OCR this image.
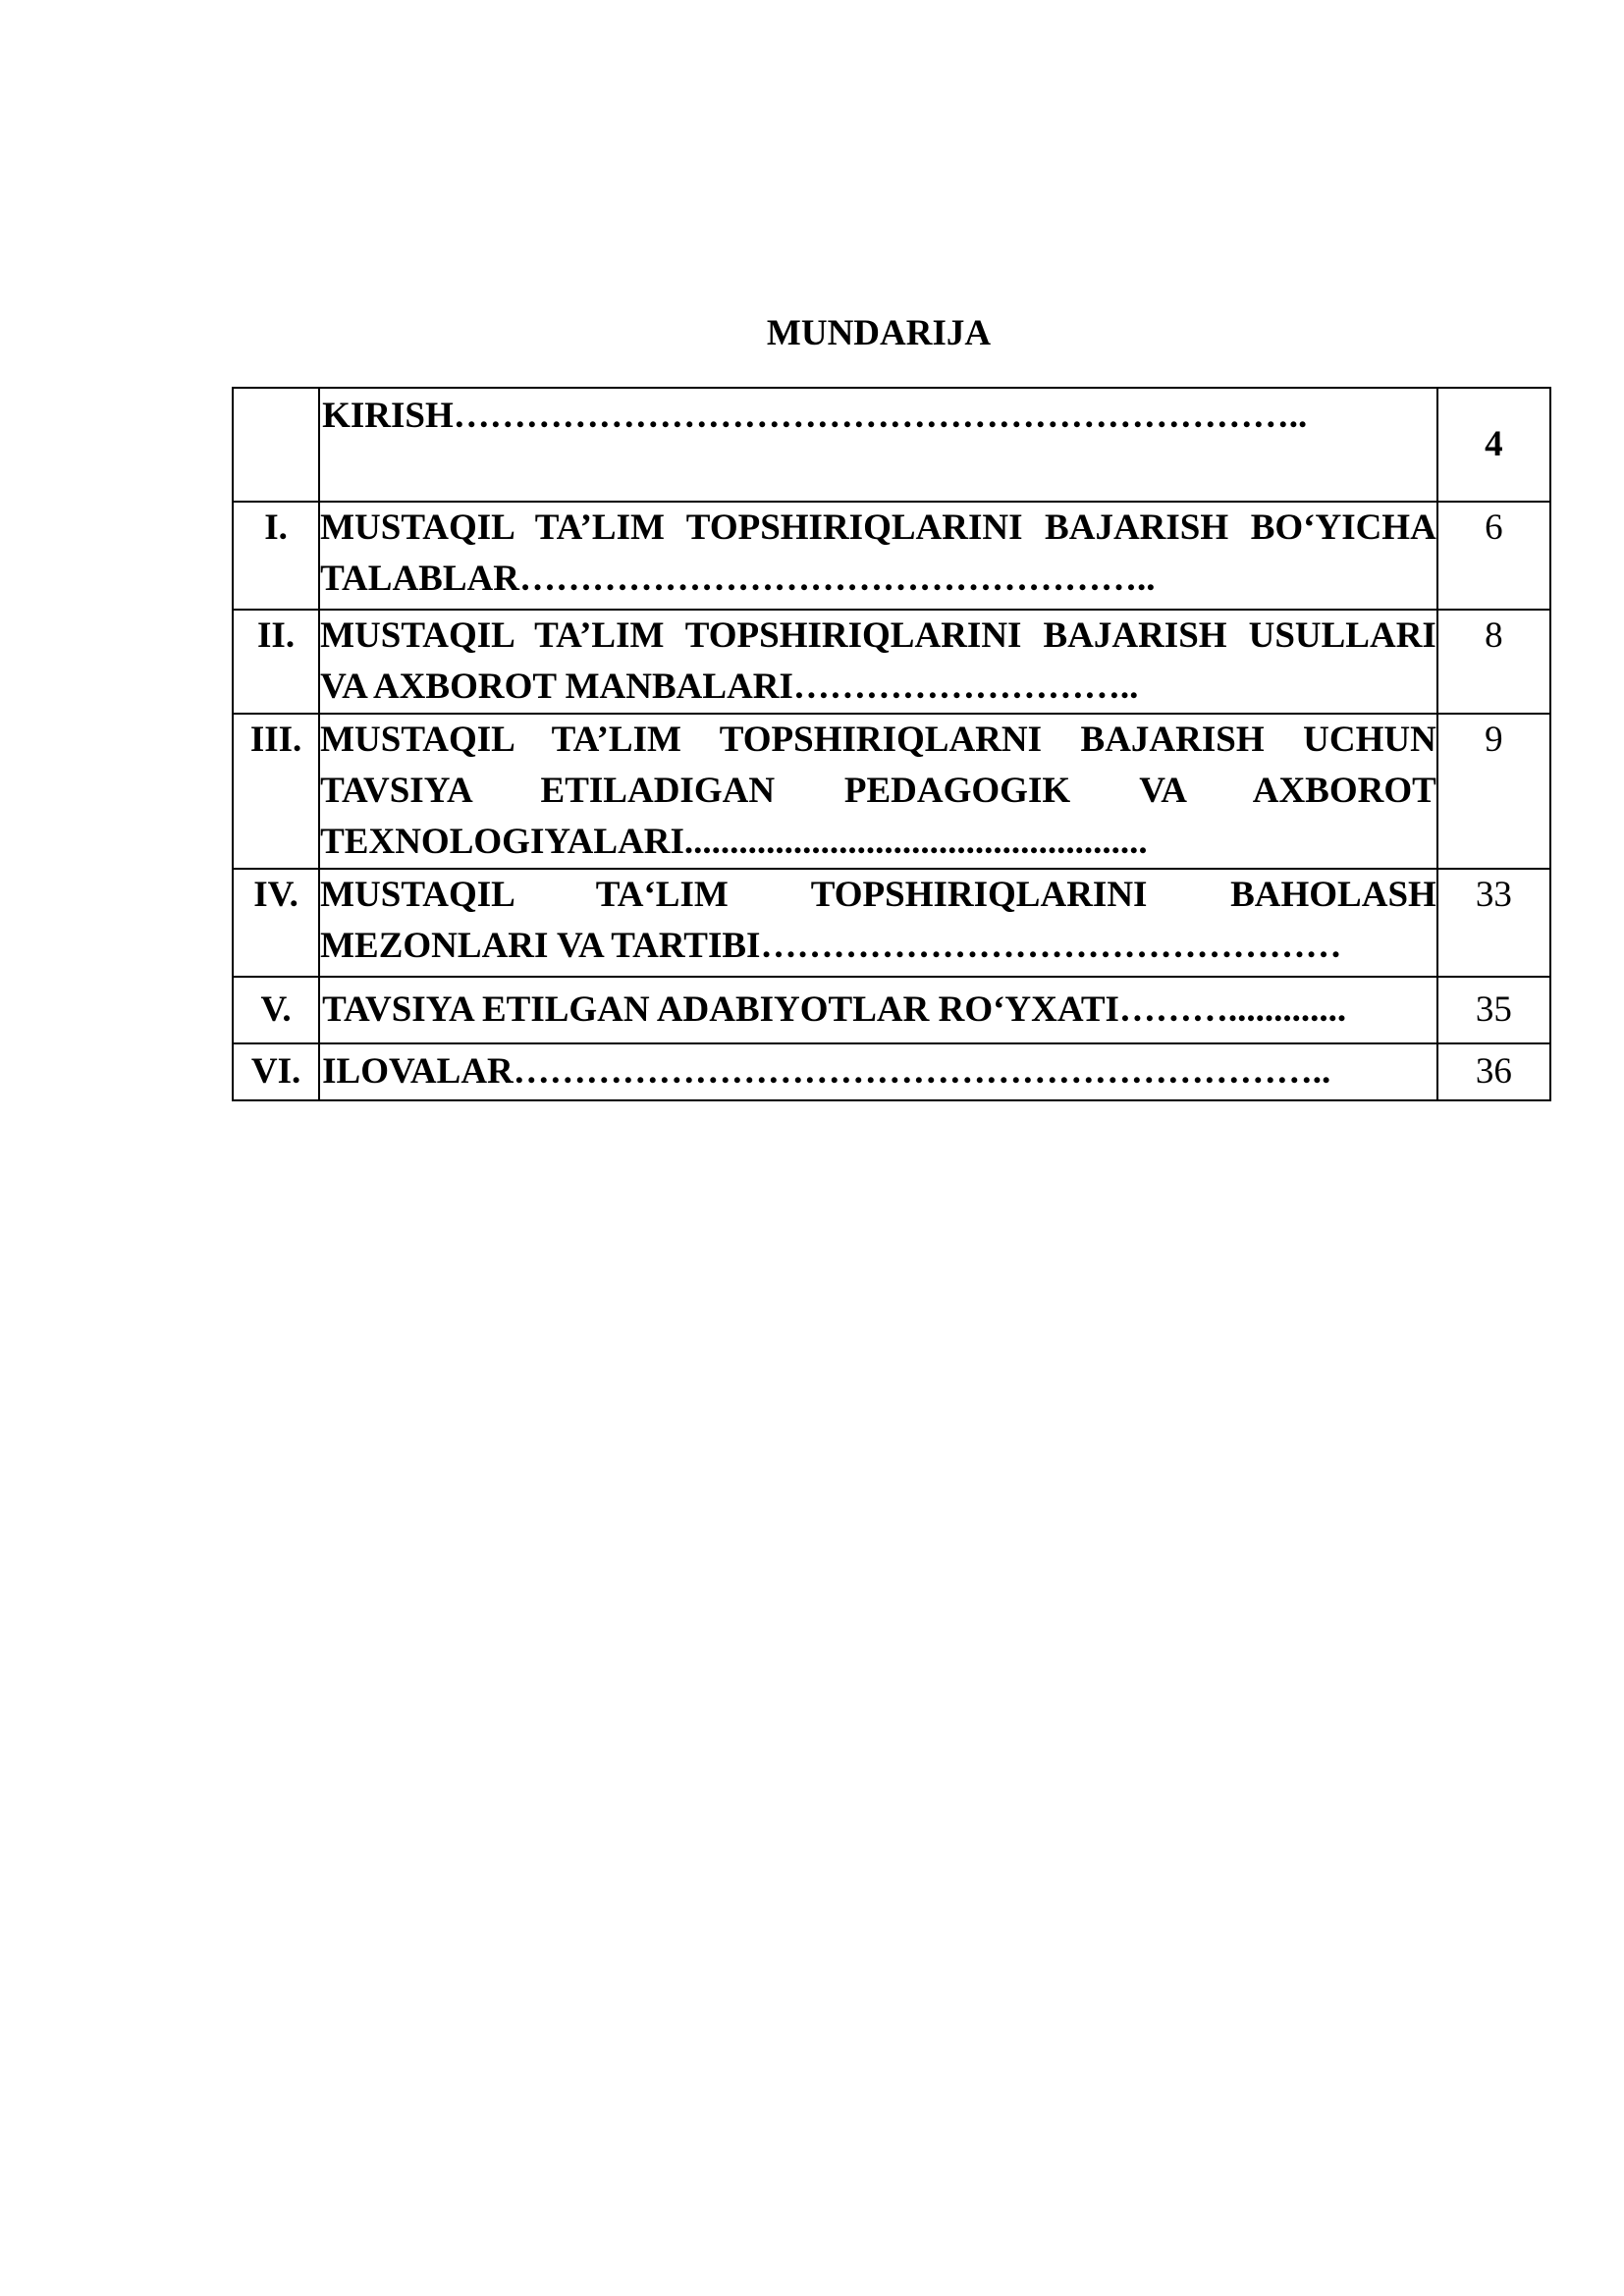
MUNDARIJA

	KIRISH……………………………………………………………..	4
I.	MUSTAQIL TA’LIM TOPSHIRIQLARINI BAJARISH BO‘YICHA TALABLAR……………………………………………..	6
II.	MUSTAQIL TA’LIM TOPSHIRIQLARINI BAJARISH USULLARI VA AXBOROT MANBALARI………………………..	8
III.	MUSTAQIL TA’LIM TOPSHIRIQLARNI BAJARISH UCHUN TAVSIYA ETILADIGAN PEDAGOGIK VA AXBOROT TEXNOLOGIYALARI...................................................	9
IV.	MUSTAQIL TA‘LIM TOPSHIRIQLARINI BAHOLASH MEZONLARI VA TARTIBI…………………………………………	33
V.	TAVSIYA ETILGAN ADABIYOTLAR RO‘YXATI……….............	35
VI.	ILOVALAR…………………………………………………………..	36
